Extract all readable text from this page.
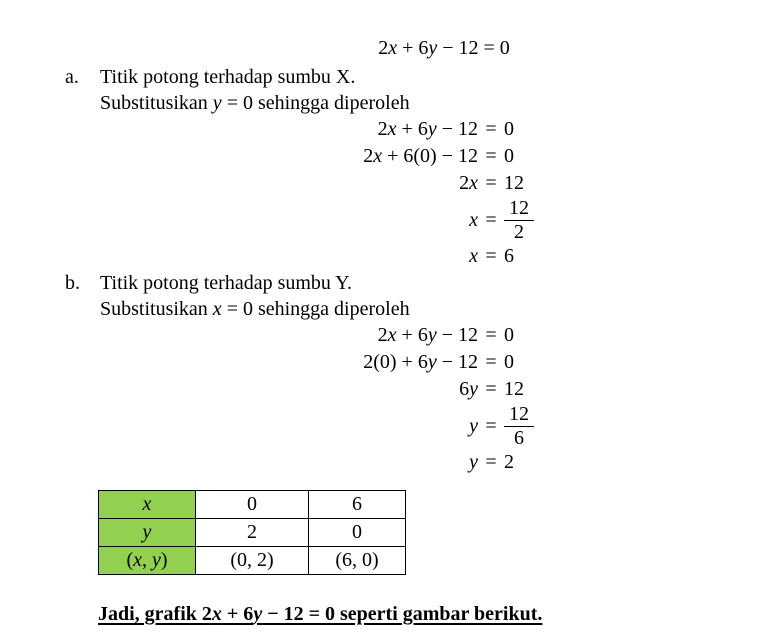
2x + 6y − 12 = 0
a.	Titik potong terhadap sumbu X.
Substitusikan y = 0 sehingga diperoleh
2x + 6y − 12 = 0
2x + 6(0) − 12 = 0
2x = 12
$x = \frac{12}{2}$
x = 6
b.	Titik potong terhadap sumbu Y.
Substitusikan x = 0 sehingga diperoleh
2x + 6y − 12 = 0
2(0) + 6y − 12 = 0
6y = 12
$y = \frac{12}{6}$
y = 2
x	0	6
y	2	0
(x, y)	(0, 2)	(6, 0)
Jadi, grafik 2x + 6y − 12 = 0 seperti gambar berikut.
